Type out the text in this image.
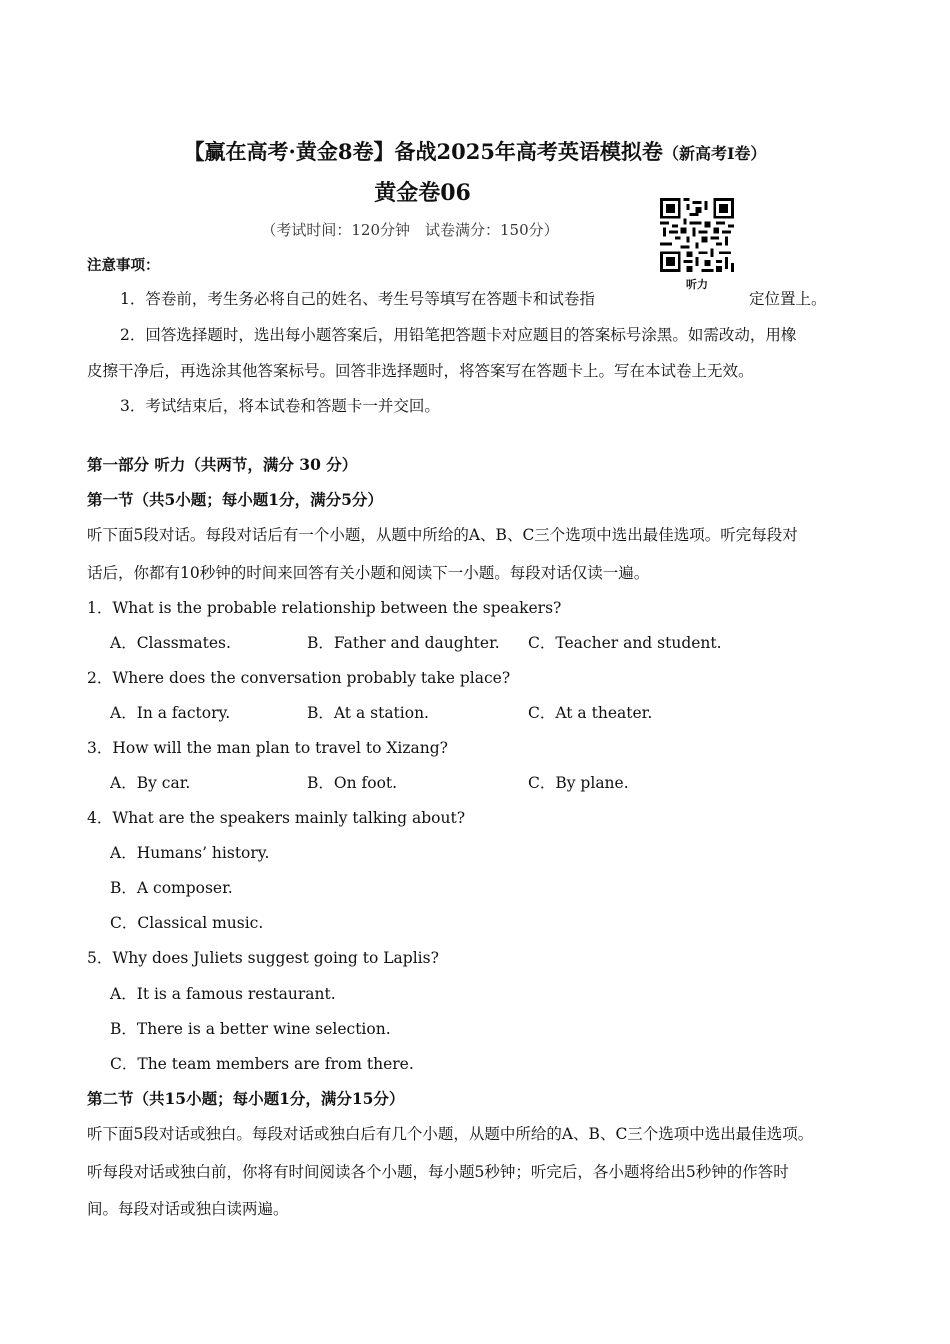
【赢在高考·黄金8卷】备战2025年高考英语模拟卷（新高考I卷）
黄金卷06
（考试时间：120分钟　试卷满分：150分）
听力
注意事项：
1．答卷前，考生务必将自己的姓名、考生号等填写在答题卡和试卷指	定位置上。
2．回答选择题时，选出每小题答案后，用铅笔把答题卡对应题目的答案标号涂黑。如需改动，用橡
皮擦干净后，再选涂其他答案标号。回答非选择题时，将答案写在答题卡上。写在本试卷上无效。
3．考试结束后，将本试卷和答题卡一并交回。
第一部分 听力（共两节，满分 30 分）
第一节（共5小题；每小题1分，满分5分）
听下面5段对话。每段对话后有一个小题，从题中所给的A、B、C三个选项中选出最佳选项。听完每段对
话后，你都有10秒钟的时间来回答有关小题和阅读下一小题。每段对话仅读一遍。
1．What is the probable relationship between the speakers?
A．Classmates.	B．Father and daughter. C．Teacher and student.
2．Where does the conversation probably take place?
A．In a factory.	B．At a station.	C．At a theater.
3．How will the man plan to travel to Xizang?
A．By car.	B．On foot.	C．By plane.
4．What are the speakers mainly talking about?
A．Humans’ history.
B．A composer.
C．Classical music.
5．Why does Juliets suggest going to Laplis?
A．It is a famous restaurant.
B．There is a better wine selection.
C．The team members are from there.
第二节（共15小题；每小题1分，满分15分）
听下面5段对话或独白。每段对话或独白后有几个小题，从题中所给的A、B、C三个选项中选出最佳选项。
听每段对话或独白前，你将有时间阅读各个小题，每小题5秒钟；听完后，各小题将给出5秒钟的作答时
间。每段对话或独白读两遍。
